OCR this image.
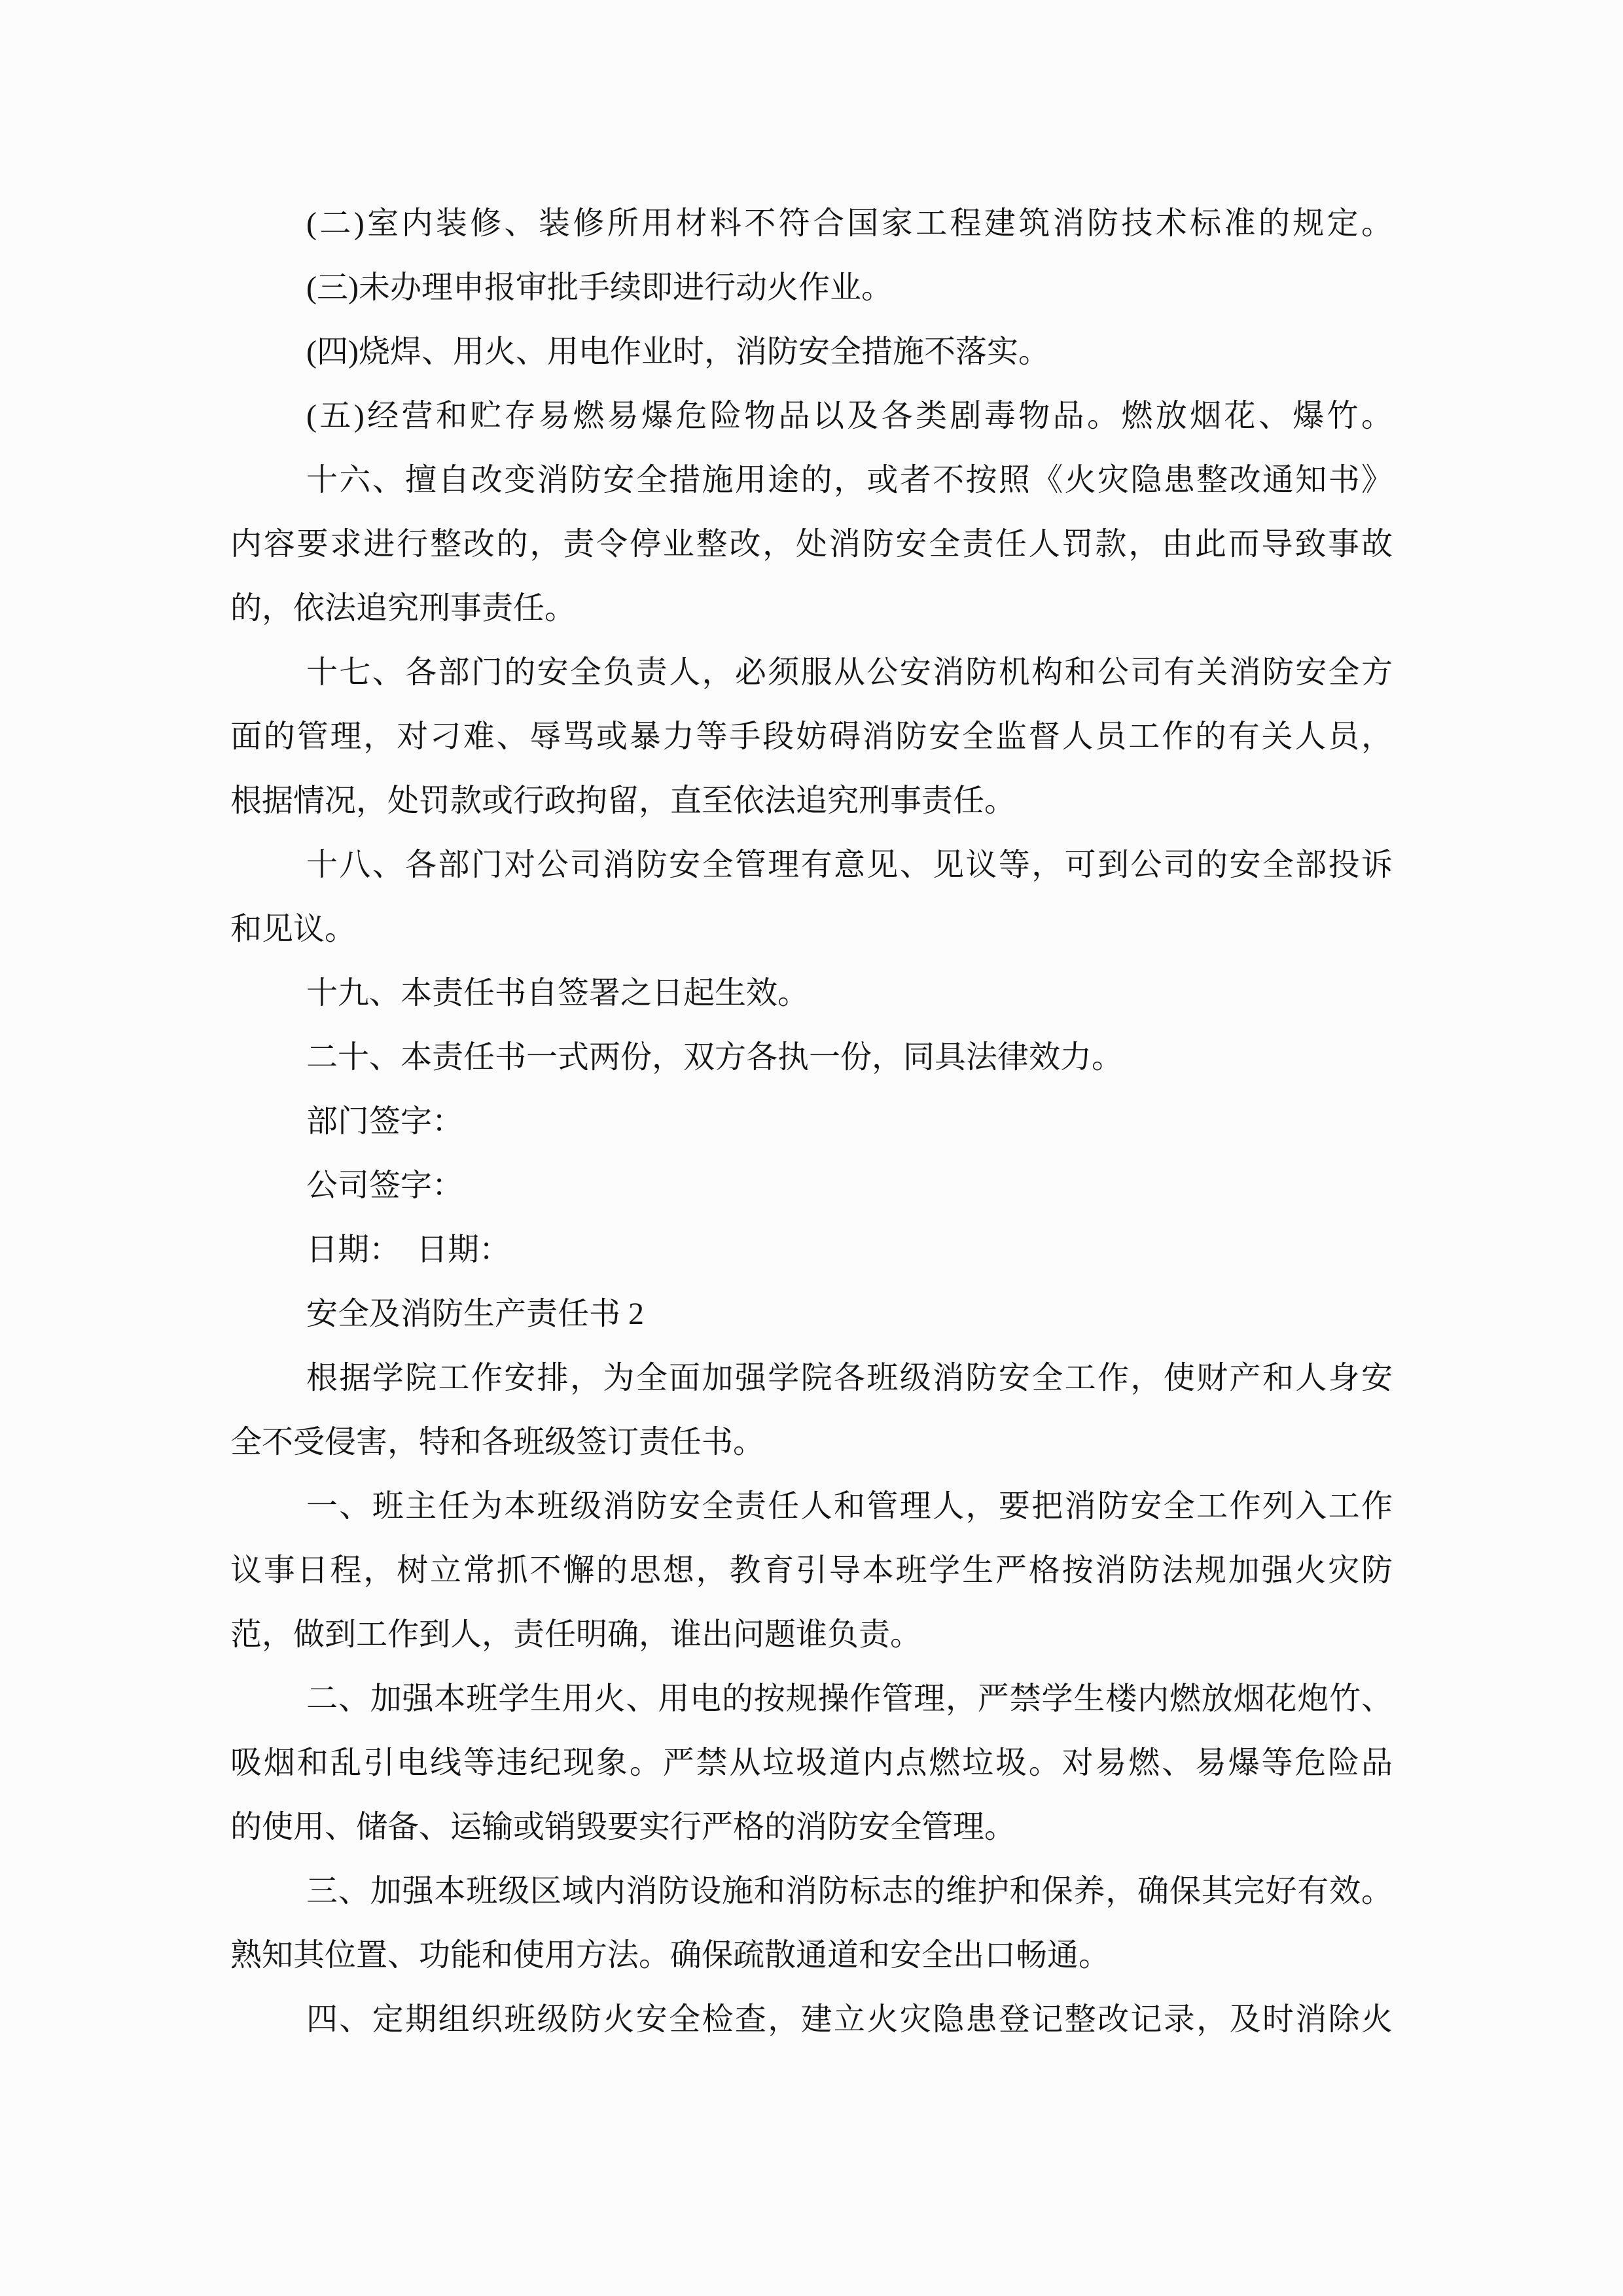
(二)室内装修、装修所用材料不符合国家工程建筑消防技术标准的规定。
(三)未办理申报审批手续即进行动火作业。
(四)烧焊、用火、用电作业时，消防安全措施不落实。
(五)经营和贮存易燃易爆危险物品以及各类剧毒物品。燃放烟花、爆竹。
十六、擅自改变消防安全措施用途的，或者不按照《火灾隐患整改通知书》
内容要求进行整改的，责令停业整改，处消防安全责任人罚款，由此而导致事故
的，依法追究刑事责任。
十七、各部门的安全负责人，必须服从公安消防机构和公司有关消防安全方
面的管理，对刁难、辱骂或暴力等手段妨碍消防安全监督人员工作的有关人员，
根据情况，处罚款或行政拘留，直至依法追究刑事责任。
十八、各部门对公司消防安全管理有意见、见议等，可到公司的安全部投诉
和见议。
十九、本责任书自签署之日起生效。
二十、本责任书一式两份，双方各执一份，同具法律效力。
部门签字：
公司签字：
日期：　日期：
安全及消防生产责任书 2
根据学院工作安排，为全面加强学院各班级消防安全工作，使财产和人身安
全不受侵害，特和各班级签订责任书。
一、班主任为本班级消防安全责任人和管理人，要把消防安全工作列入工作
议事日程，树立常抓不懈的思想，教育引导本班学生严格按消防法规加强火灾防
范，做到工作到人，责任明确，谁出问题谁负责。
二、加强本班学生用火、用电的按规操作管理，严禁学生楼内燃放烟花炮竹、
吸烟和乱引电线等违纪现象。严禁从垃圾道内点燃垃圾。对易燃、易爆等危险品
的使用、储备、运输或销毁要实行严格的消防安全管理。
三、加强本班级区域内消防设施和消防标志的维护和保养，确保其完好有效。
熟知其位置、功能和使用方法。确保疏散通道和安全出口畅通。
四、定期组织班级防火安全检查，建立火灾隐患登记整改记录，及时消除火
